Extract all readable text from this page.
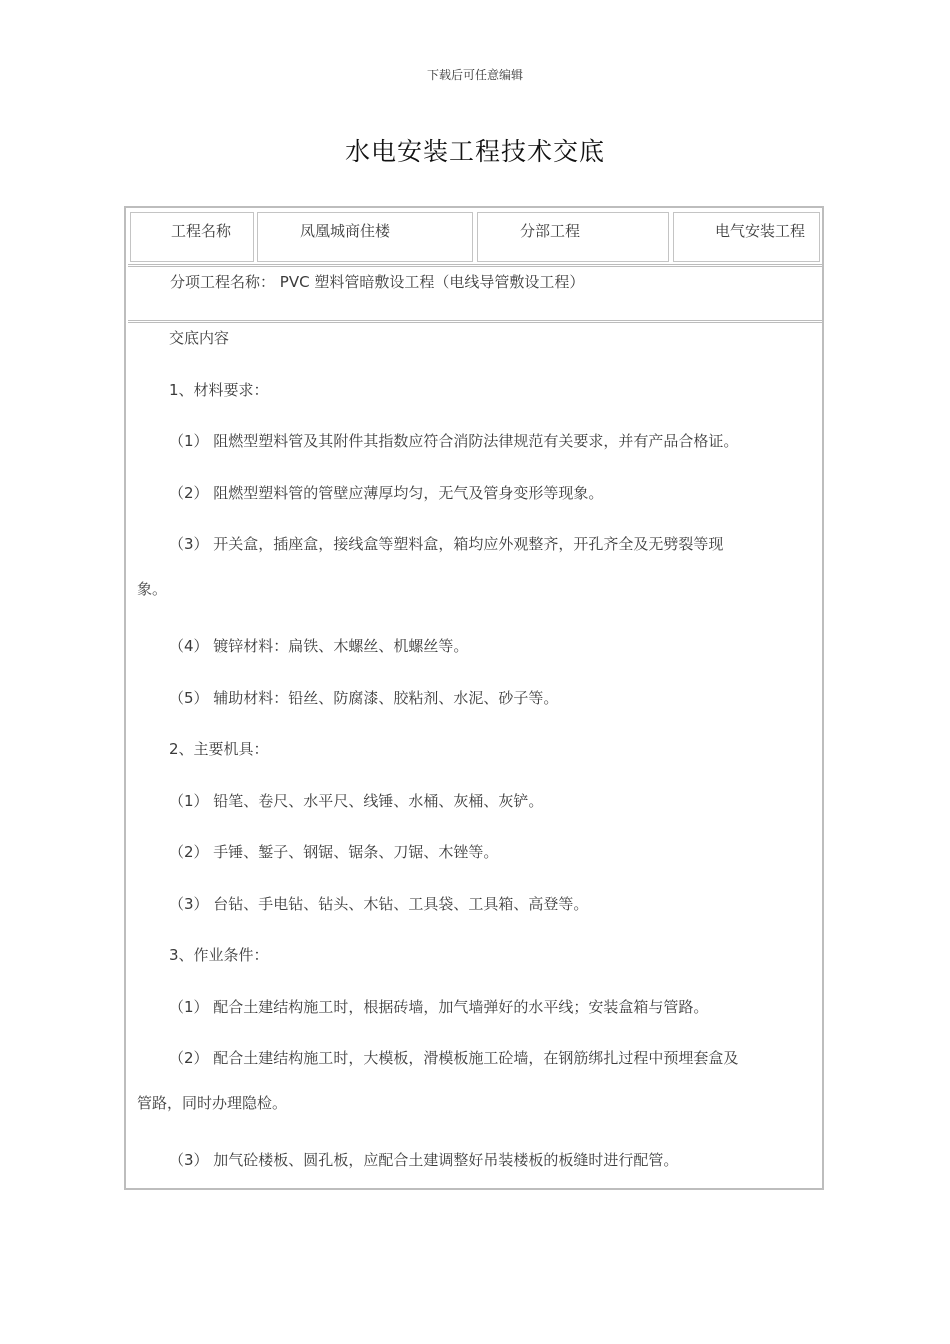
下载后可任意编辑
水电安装工程技术交底
工程名称	凤凰城商住楼	分部工程	电气安装工程
分项工程名称： PVC 塑料管暗敷设工程（电线导管敷设工程）

交底内容

1、材料要求：

（1） 阻燃型塑料管及其附件其指数应符合消防法律规范有关要求，并有产品合格证。

（2） 阻燃型塑料管的管壁应薄厚均匀，无气及管身变形等现象。

（3） 开关盒，插座盒，接线盒等塑料盒，箱均应外观整齐，开孔齐全及无劈裂等现

象。

（4） 镀锌材料：扁铁、木螺丝、机螺丝等。

（5） 辅助材料：铅丝、防腐漆、胶粘剂、水泥、砂子等。

2、主要机具：

（1） 铅笔、卷尺、水平尺、线锤、水桶、灰桶、灰铲。

（2） 手锤、錾子、钢锯、锯条、刀锯、木锉等。

（3） 台钻、手电钻、钻头、木钻、工具袋、工具箱、高登等。

3、作业条件：

（1） 配合土建结构施工时，根据砖墙，加气墙弹好的水平线；安装盒箱与管路。

（2） 配合土建结构施工时，大模板，滑模板施工砼墙，在钢筋绑扎过程中预埋套盒及

管路，同时办理隐检。

（3） 加气砼楼板、圆孔板，应配合土建调整好吊装楼板的板缝时进行配管。
